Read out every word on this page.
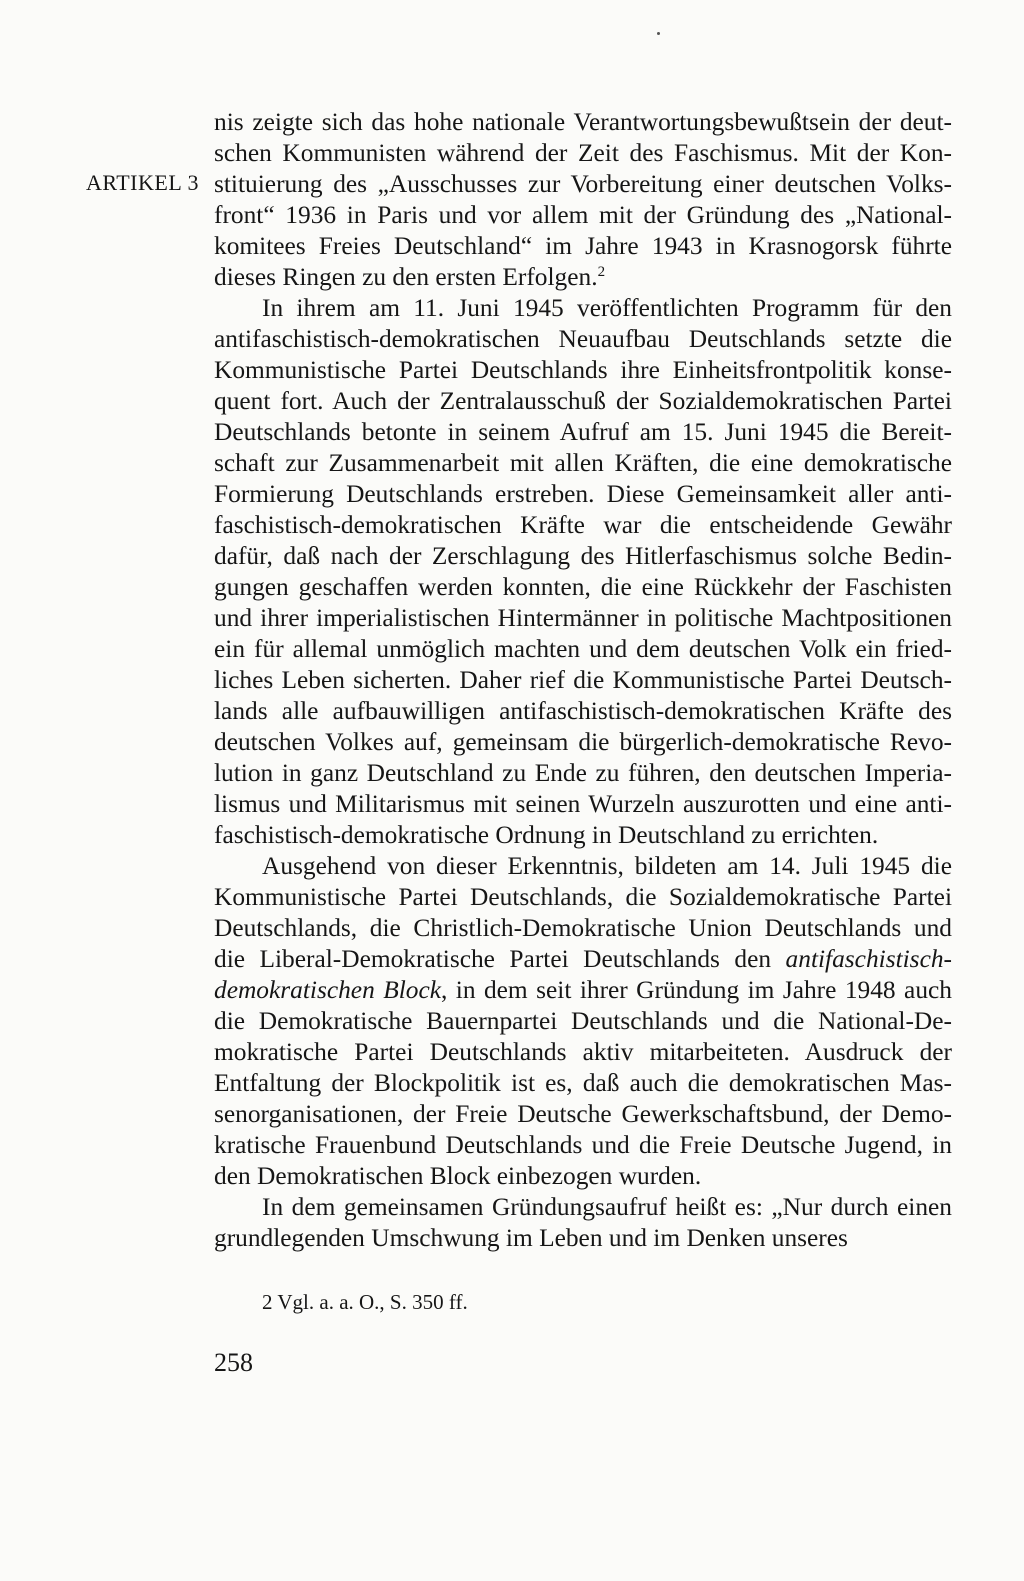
ARTIKEL 3

nis zeigte sich das hohe nationale Verantwortungsbewußtsein der deutschen Kommunisten während der Zeit des Faschismus. Mit der Konstituierung des „Ausschusses zur Vorbereitung einer deutschen Volksfront“ 1936 in Paris und vor allem mit der Gründung des „Nationalkomitees Freies Deutschland“ im Jahre 1943 in Krasnogorsk führte dieses Ringen zu den ersten Erfolgen.$^2$

In ihrem am 11. Juni 1945 veröffentlichten Programm für den antifaschistisch-demokratischen Neuaufbau Deutschlands setzte die Kommunistische Partei Deutschlands ihre Einheitsfrontpolitik konsequent fort. Auch der Zentralausschuß der Sozialdemokratischen Partei Deutschlands betonte in seinem Aufruf am 15. Juni 1945 die Bereitschaft zur Zusammenarbeit mit allen Kräften, die eine demokratische Formierung Deutschlands erstreben. Diese Gemeinsamkeit aller antifaschistisch-demokratischen Kräfte war die entscheidende Gewähr dafür, daß nach der Zerschlagung des Hitlerfaschismus solche Bedingungen geschaffen werden konnten, die eine Rückkehr der Faschisten und ihrer imperialistischen Hintermänner in politische Machtpositionen ein für allemal unmöglich machten und dem deutschen Volk ein friedliches Leben sicherten. Daher rief die Kommunistische Partei Deutschlands alle aufbauwilligen antifaschistisch-demokratischen Kräfte des deutschen Volkes auf, gemeinsam die bürgerlich-demokratische Revolution in ganz Deutschland zu Ende zu führen, den deutschen Imperialismus und Militarismus mit seinen Wurzeln auszurotten und eine antifaschistisch-demokratische Ordnung in Deutschland zu errichten.

Ausgehend von dieser Erkenntnis, bildeten am 14. Juli 1945 die Kommunistische Partei Deutschlands, die Sozialdemokratische Partei Deutschlands, die Christlich-Demokratische Union Deutschlands und die Liberal-Demokratische Partei Deutschlands den antifaschistisch-demokratischen Block, in dem seit ihrer Gründung im Jahre 1948 auch die Demokratische Bauernpartei Deutschlands und die National-Demokratische Partei Deutschlands aktiv mitarbeiteten. Ausdruck der Entfaltung der Blockpolitik ist es, daß auch die demokratischen Massenorganisationen, der Freie Deutsche Gewerkschaftsbund, der Demokratische Frauenbund Deutschlands und die Freie Deutsche Jugend, in den Demokratischen Block einbezogen wurden.

In dem gemeinsamen Gründungsaufruf heißt es: „Nur durch einen grundlegenden Umschwung im Leben und im Denken unseres

2 Vgl. a. a. O., S. 350 ff.
258
